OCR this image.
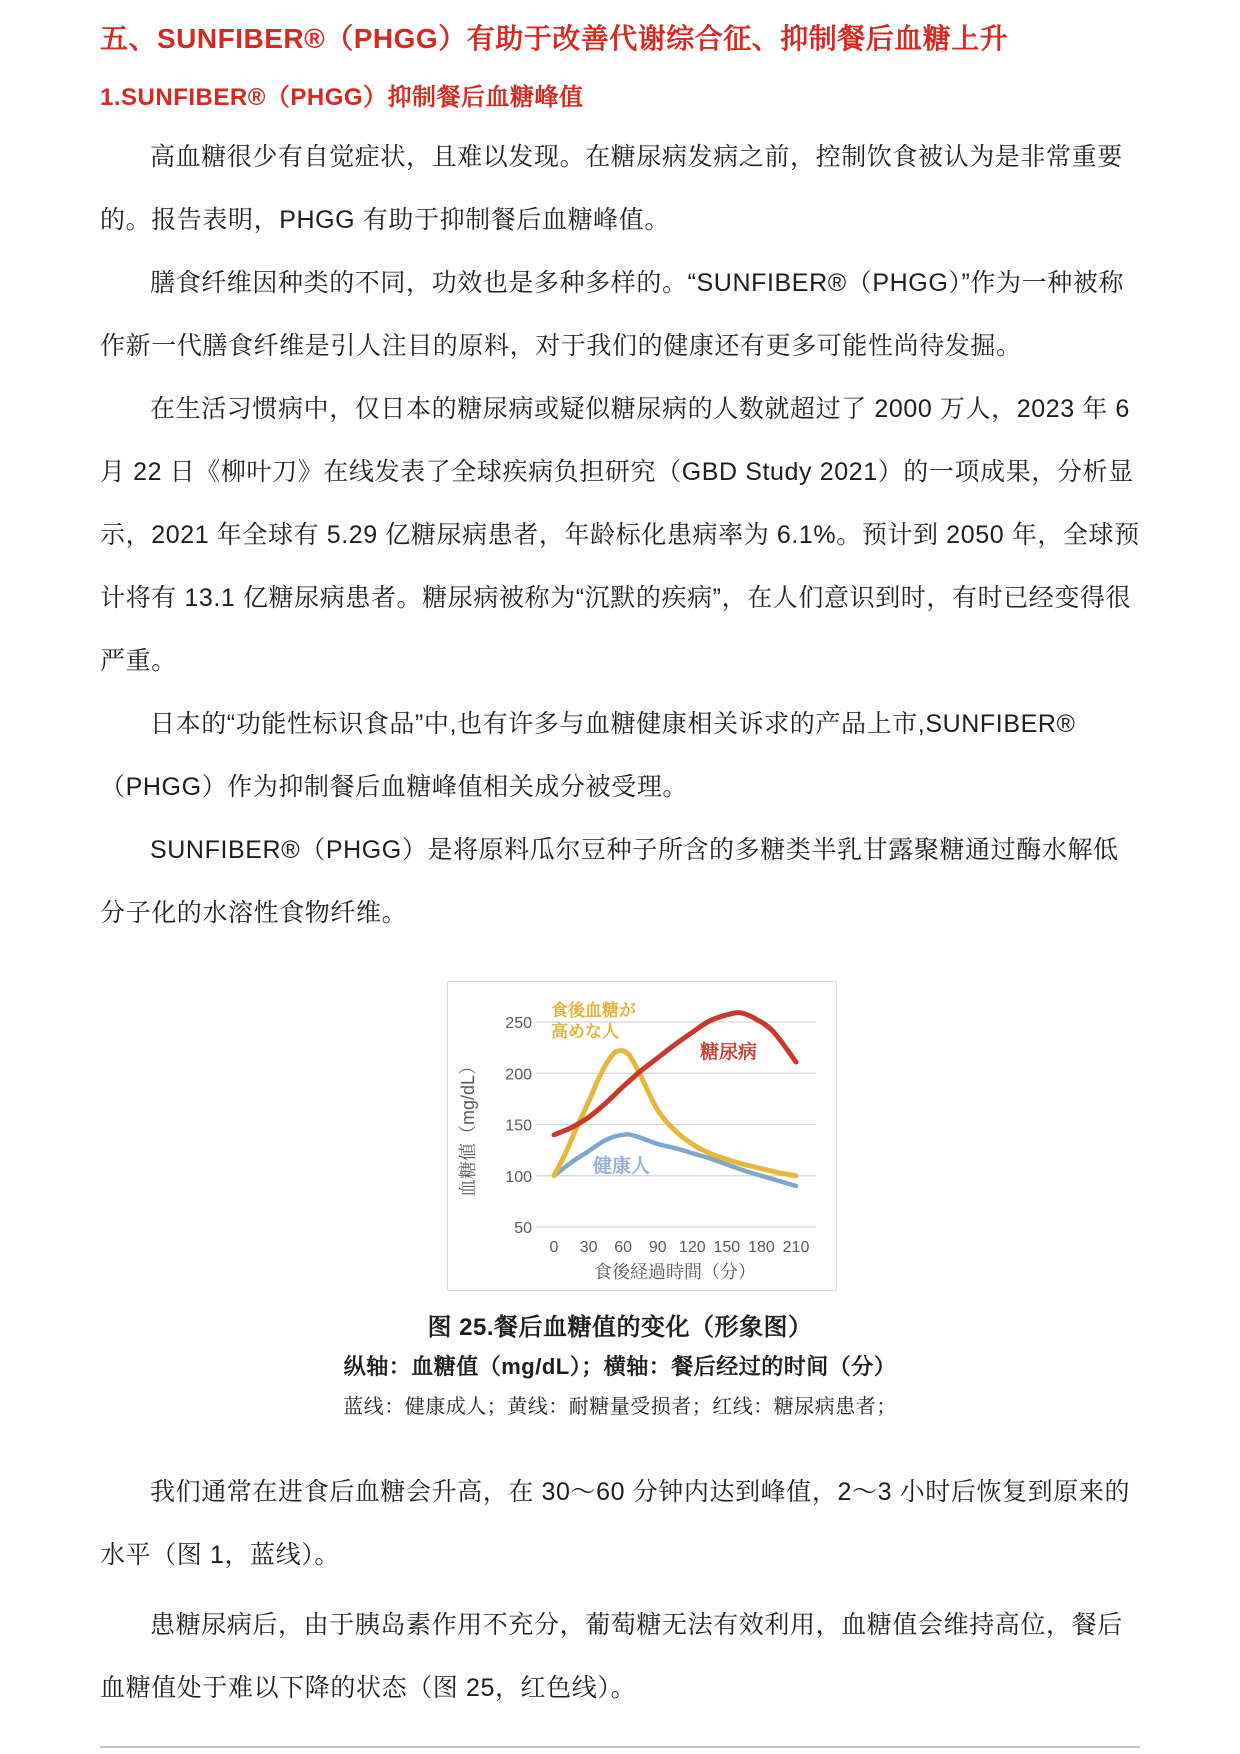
五、SUNFIBER®（PHGG）有助于改善代谢综合征、抑制餐后血糖上升
1.SUNFIBER®（PHGG）抑制餐后血糖峰值

高血糖很少有自觉症状，且难以发现。在糖尿病发病之前，控制饮食被认为是非常重要的。报告表明，PHGG 有助于抑制餐后血糖峰值。

膳食纤维因种类的不同，功效也是多种多样的。“SUNFIBER®（PHGG）”作为一种被称作新一代膳食纤维是引人注目的原料，对于我们的健康还有更多可能性尚待发掘。

在生活习惯病中，仅日本的糖尿病或疑似糖尿病的人数就超过了 2000 万人，2023 年 6 月 22 日《柳叶刀》在线发表了全球疾病负担研究（GBD Study 2021）的一项成果，分析显示，2021 年全球有 5.29 亿糖尿病患者，年龄标化患病率为 6.1%。预计到 2050 年，全球预计将有 13.1 亿糖尿病患者。糖尿病被称为“沉默的疾病”，在人们意识到时，有时已经变得很严重。

日本的“功能性标识食品”中,也有许多与血糖健康相关诉求的产品上市,SUNFIBER®（PHGG）作为抑制餐后血糖峰值相关成分被受理。

SUNFIBER®（PHGG）是将原料瓜尔豆种子所含的多糖类半乳甘露聚糖通过酶水解低分子化的水溶性食物纤维。

50
100
150
200
250
0 30 60 90 120 150 180 210
食後経過時間（分）
血糖値（mg/dL）
食後血糖が
高めな人
糖尿病
健康人
图 25.餐后血糖值的变化（形象图）
纵轴：血糖值（mg/dL）；横轴：餐后经过的时间（分）
蓝线：健康成人；黄线：耐糖量受损者；红线：糖尿病患者；

我们通常在进食后血糖会升高，在 30～60 分钟内达到峰值，2～3 小时后恢复到原来的水平（图 1，蓝线）。

患糖尿病后，由于胰岛素作用不充分，葡萄糖无法有效利用，血糖值会维持高位，餐后血糖值处于难以下降的状态（图 25，红色线）。
